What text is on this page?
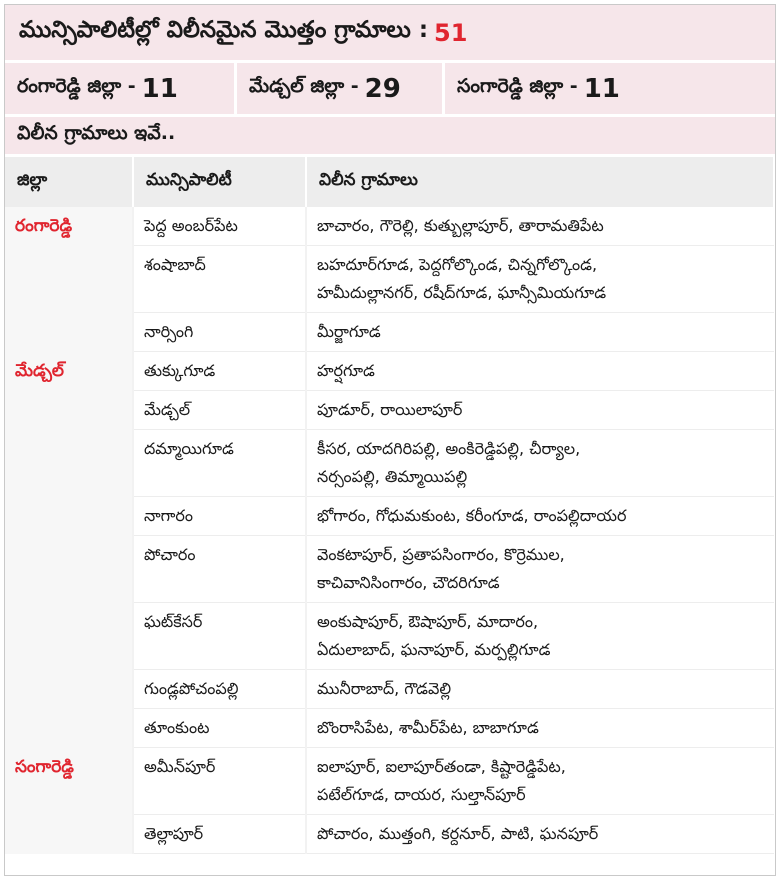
మున్సిపాలిటీల్లో విలీనమైన మొత్తం గ్రామాలు : 51
రంగారెడ్డి జిల్లా - 11	మేడ్చల్ జిల్లా - 29	సంగారెడ్డి జిల్లా - 11
విలీన గ్రామాలు ఇవే..
జిల్లా	మున్సిపాలిటీ	విలీన గ్రామాలు
రంగారెడ్డి	పెద్ద అంబర్‌పేట	బాచారం, గౌరెల్లి, కుత్బుల్లాపూర్, తారామతిపేట

	శంషాబాద్	బహదూర్‌గూడ, పెద్దగోల్కొండ, చిన్నగోల్కొండ,
హమీదుల్లానగర్, రషీద్‌గూడ, ఘాన్సీమియగూడ

	నార్సింగి	మీర్జాగూడ

మేడ్చల్	తుక్కుగూడ	హర్షగూడ

	మేడ్చల్	పూడూర్, రాయిలాపూర్

	దమ్మాయిగూడ	కీసర, యాదగిరిపల్లి, అంకిరెడ్డిపల్లి, చీర్యాల,
నర్సంపల్లి, తిమ్మాయిపల్లి

	నాగారం	భోగారం, గోధుమకుంట, కరీంగూడ, రాంపల్లిదాయర

	పోచారం	వెంకటాపూర్, ప్రతాపసింగారం, కొర్రెముల,
కాచివానిసింగారం, చౌదరిగూడ

	ఘట్‌కేసర్	అంకుషాపూర్, ఔషాపూర్, మాదారం,
ఏదులాబాద్, ఘనాపూర్, మర్పల్లిగూడ

	గుండ్లపోచంపల్లి	మునీరాబాద్, గౌడవెల్లి

	తూంకుంట	బొంరాసిపేట, శామీర్‌పేట, బాబాగూడ

సంగారెడ్డి	అమీన్‌పూర్	ఐలాపూర్, ఐలాపూర్‌తండా, కిష్టారెడ్డిపేట,
పటేల్‌గూడ, దాయర, సుల్తాన్‌పూర్

	తెల్లాపూర్	పోచారం, ముత్తంగి, కర్దనూర్, పాటి, ఘనపూర్
